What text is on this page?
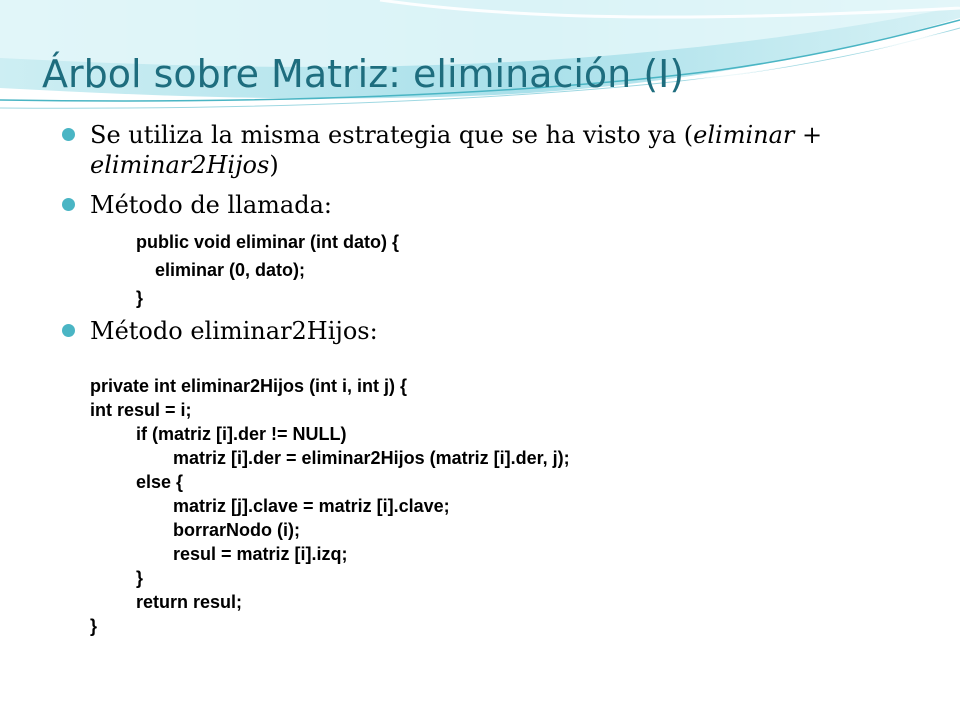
Árbol sobre Matriz: eliminación (I)
Se utiliza la misma estrategia que se ha visto ya (eliminar + eliminar2Hijos)
Método de llamada:
public void eliminar (int dato) {
eliminar (0, dato);
}
Método eliminar2Hijos:
private int eliminar2Hijos (int i, int j) {
int resul = i;
if (matriz [i].der != NULL)
matriz [i].der = eliminar2Hijos (matriz [i].der, j);
else {
matriz [j].clave = matriz [i].clave;
borrarNodo (i);
resul = matriz [i].izq;
}
return resul;
}
